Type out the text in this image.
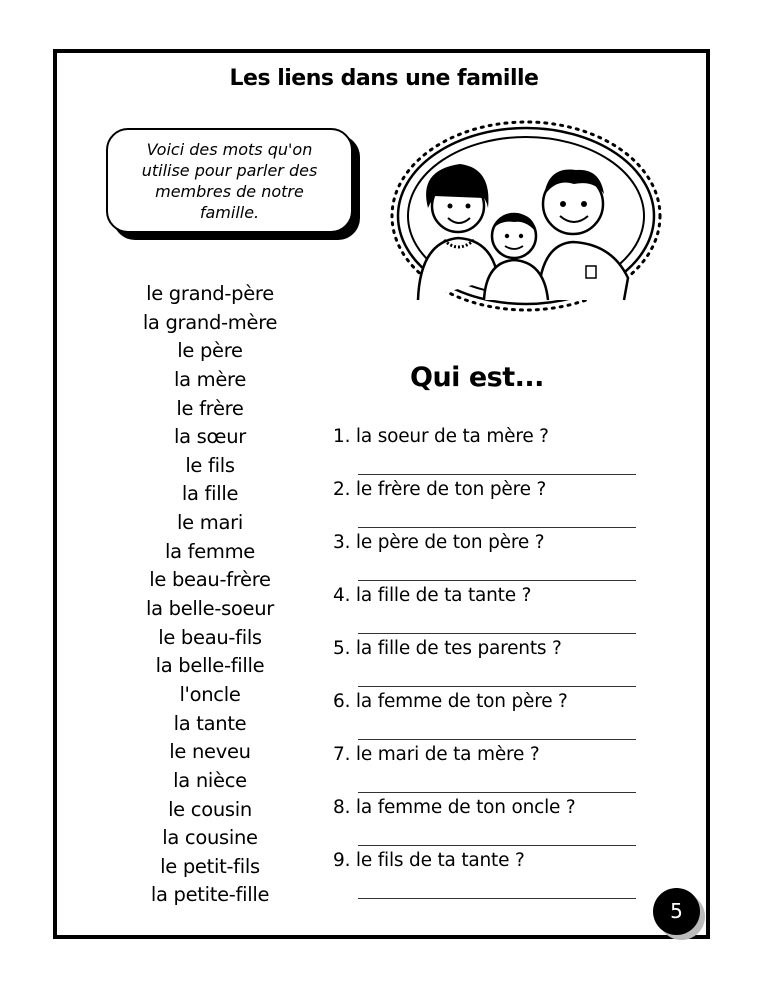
Les liens dans une famille
Voici des mots qu'on
utilise pour parler des
membres de notre
famille.
le grand-père
la grand-mère
le père
la mère
le frère
la sœur
le fils
la fille
le mari
la femme
le beau-frère
la belle-soeur
le beau-fils
la belle-fille
l'oncle
la tante
le neveu
la nièce
le cousin
la cousine
le petit-fils
la petite-fille
Qui est...
1. la soeur de ta mère ?
2. le frère de ton père ?
3. le père de ton père ?
4. la fille de ta tante ?
5. la fille de tes parents ?
6. la femme de ton père ?
7. le mari de ta mère ?
8. la femme de ton oncle ?
9. le fils de ta tante ?
5
